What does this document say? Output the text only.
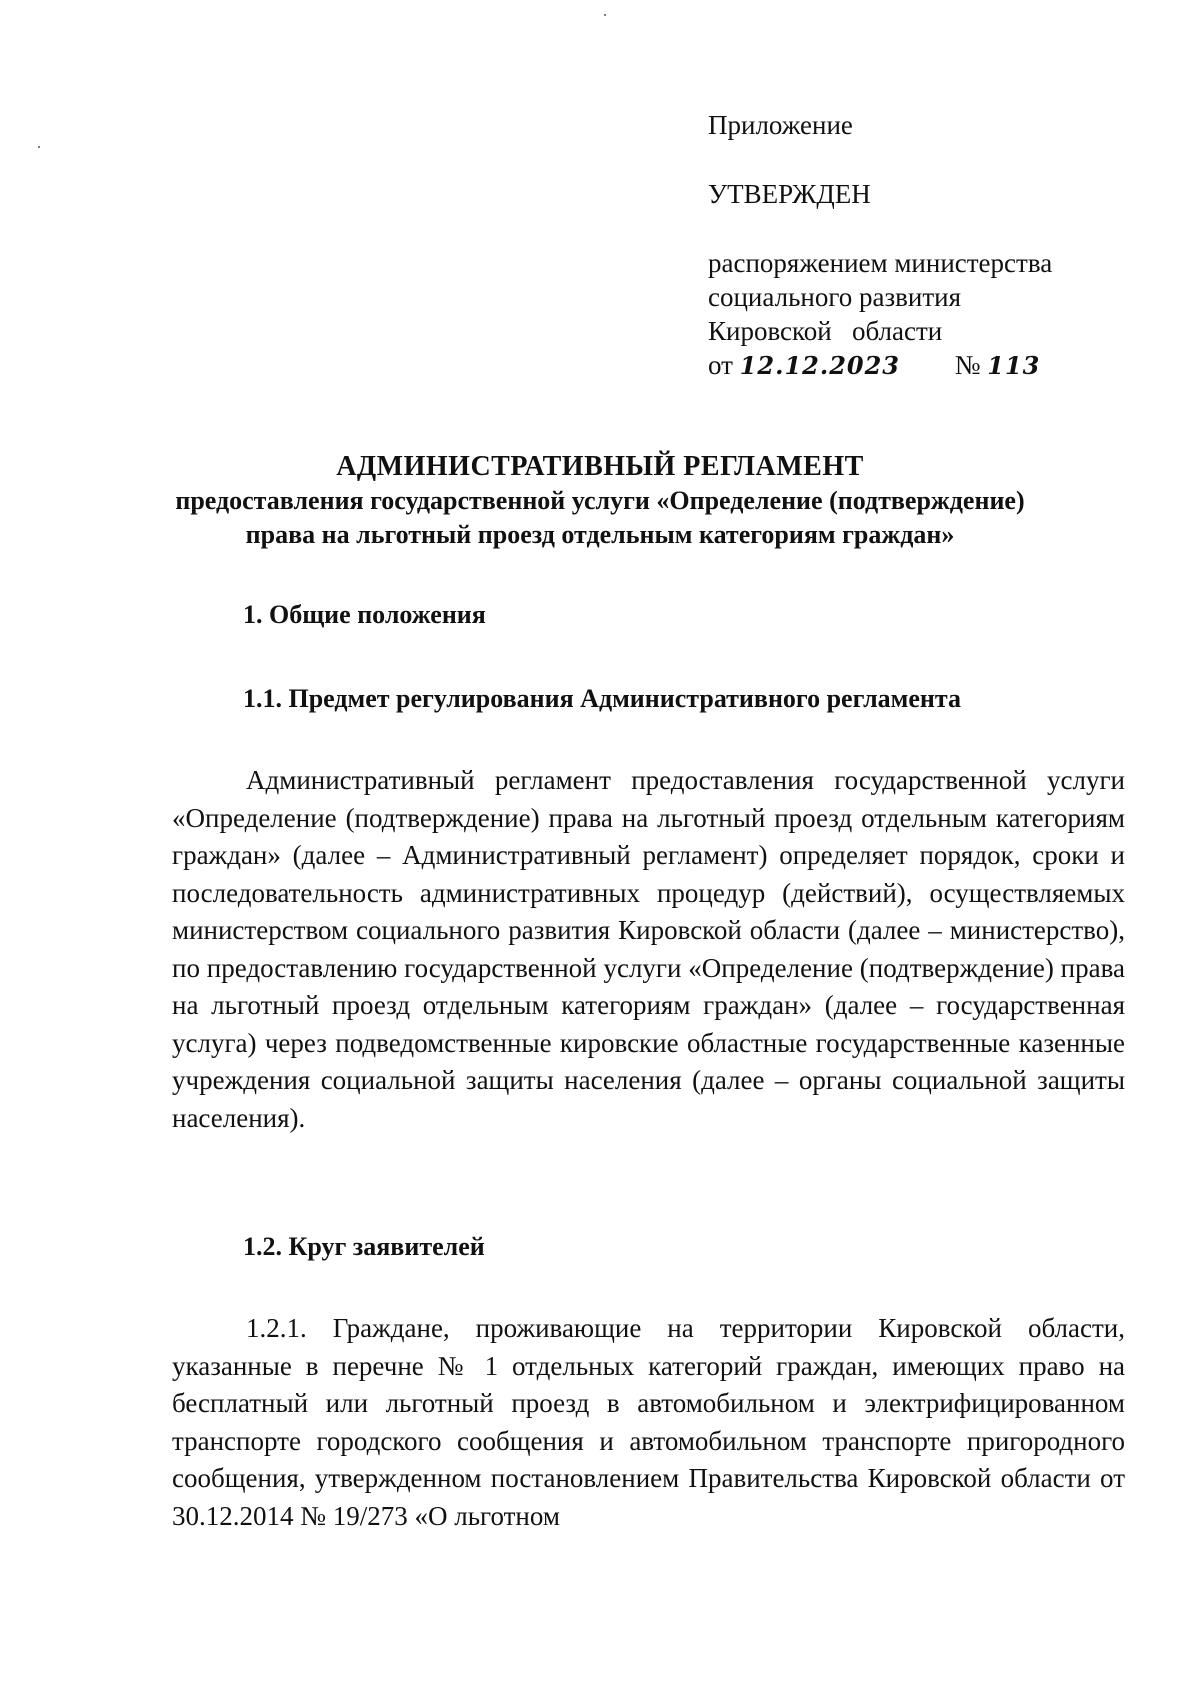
Приложение
УТВЕРЖДЕН
распоряжением министерства
социального развития
Кировской   области
от 12.12.2023 № 113
АДМИНИСТРАТИВНЫЙ РЕГЛАМЕНТ
предоставления государственной услуги «Определение (подтверждение)
права на льготный проезд отдельным категориям граждан»
1. Общие положения
1.1. Предмет регулирования Административного регламента

Административный регламент предоставления государственной услуги «Определение (подтверждение) права на льготный проезд отдельным категориям граждан» (далее – Административный регламент) определяет порядок, сроки и последовательность административных процедур (действий), осуществляемых министерством социального развития Кировской области (далее – министерство), по предоставлению государственной услуги «Определение (подтверждение) права на льготный проезд отдельным категориям граждан» (далее – государственная услуга) через подведомственные кировские областные государственные казенные учреждения социальной защиты населения (далее – органы социальной защиты населения).

1.2. Круг заявителей

1.2.1. Граждане, проживающие на территории Кировской области, указанные в перечне № 1 отдельных категорий граждан, имеющих право на бесплатный или льготный проезд в автомобильном и электрифицированном транспорте городского сообщения и автомобильном транспорте пригородного сообщения, утвержденном постановлением Правительства Кировской области от 30.12.2014 № 19/273 «О льготном
